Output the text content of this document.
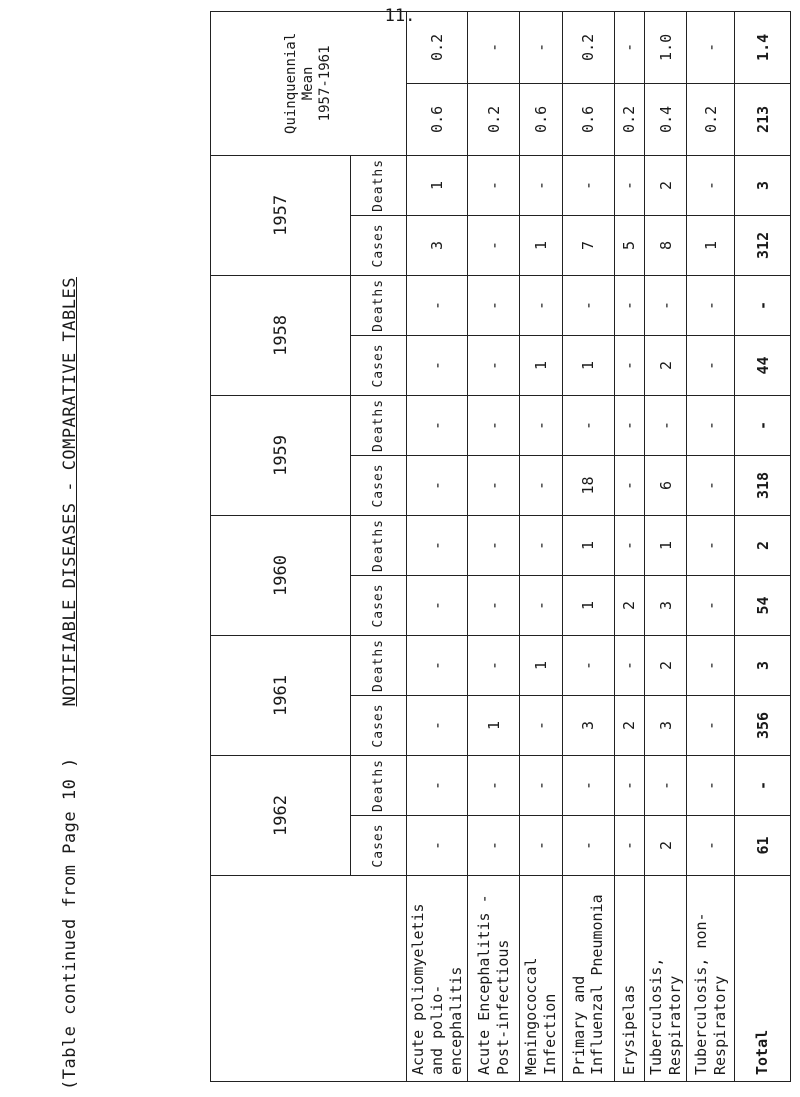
11.
(Table continued from Page 10 ) NOTIFIABLE DISEASES - COMPARATIVE TABLES
	1962		1961		1960		1959		1958		1957		Quinquennial Mean 1957-1961	

	Cases	Deaths	Cases	Deaths	Cases	Deaths	Cases	Deaths	Cases	Deaths	Cases	Deaths		
Acute poliomyeletis and polio-encephalitis	-	-	-	-	-	-	-	-	-	-	3	1	0.6	0.2
Acute Encephalitis - Post-infectious	-	-	1	-	-	-	-	-	-	-	-	-	0.2	-
Meningococcal Infection	-	-	-	1	-	-	-	-	1	-	1	-	0.6	-
Primary and Influenzal Pneumonia	-	-	3	-	1	1	18	-	1	-	7	-	0.6	0.2
Erysipelas	-	-	2	-	2	-	-	-	-	-	5	-	0.2	-
Tuberculosis, Respiratory	2	-	3	2	3	1	6	-	2	-	8	2	0.4	1.0
Tuberculosis, non-Respiratory	-	-	-	-	-	-	-	-	-	-	1	-	0.2	-
Total	61	-	356	3	54	2	318	-	44	-	312	3	213	1.4
